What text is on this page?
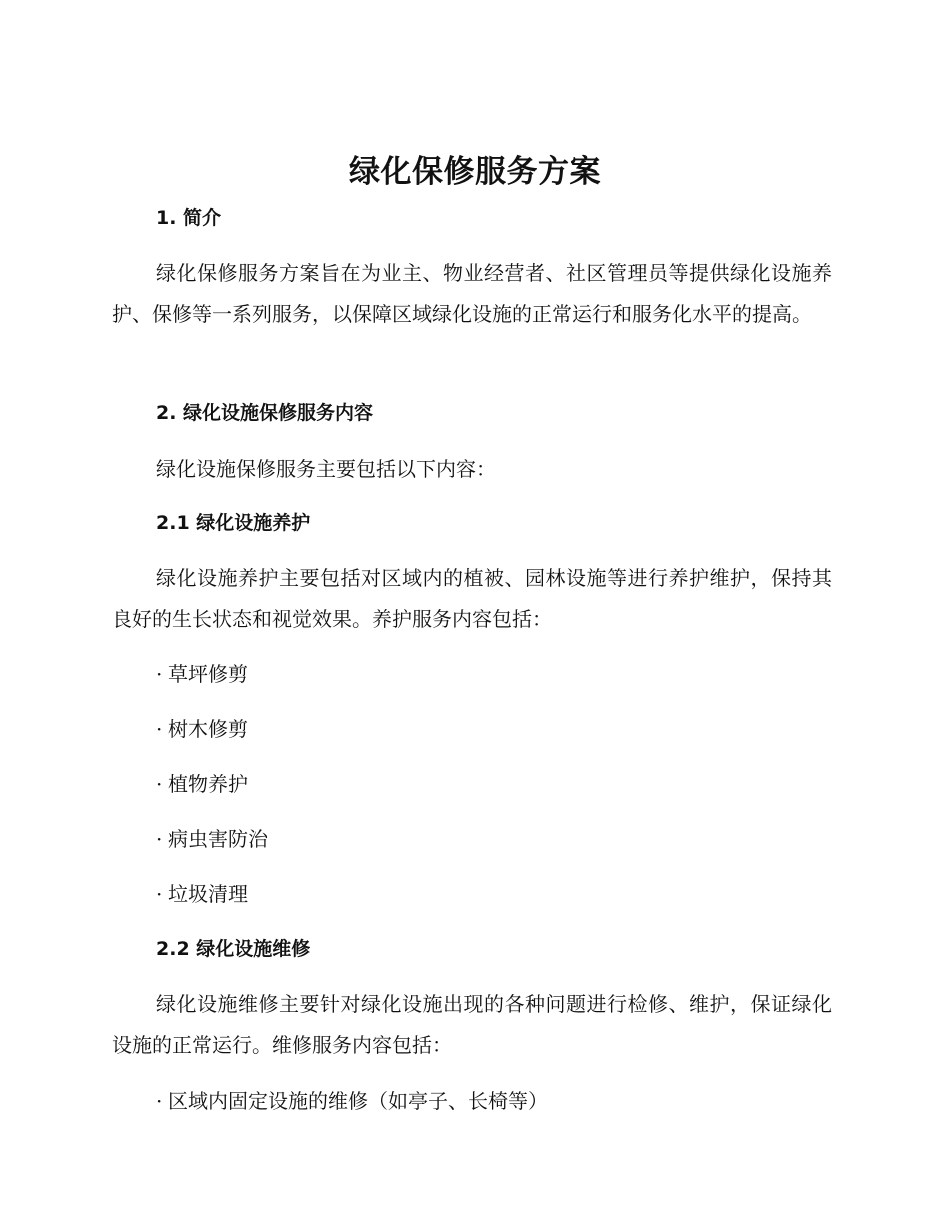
绿化保修服务方案
1. 简介
绿化保修服务方案旨在为业主、物业经营者、社区管理员等提供绿化设施养护、保修等一系列服务，以保障区域绿化设施的正常运行和服务化水平的提高。
2. 绿化设施保修服务内容
绿化设施保修服务主要包括以下内容：
2.1 绿化设施养护
绿化设施养护主要包括对区域内的植被、园林设施等进行养护维护，保持其良好的生长状态和视觉效果。养护服务内容包括：
· 草坪修剪
· 树木修剪
· 植物养护
· 病虫害防治
· 垃圾清理
2.2 绿化设施维修
绿化设施维修主要针对绿化设施出现的各种问题进行检修、维护，保证绿化设施的正常运行。维修服务内容包括：
· 区域内固定设施的维修（如亭子、长椅等）
